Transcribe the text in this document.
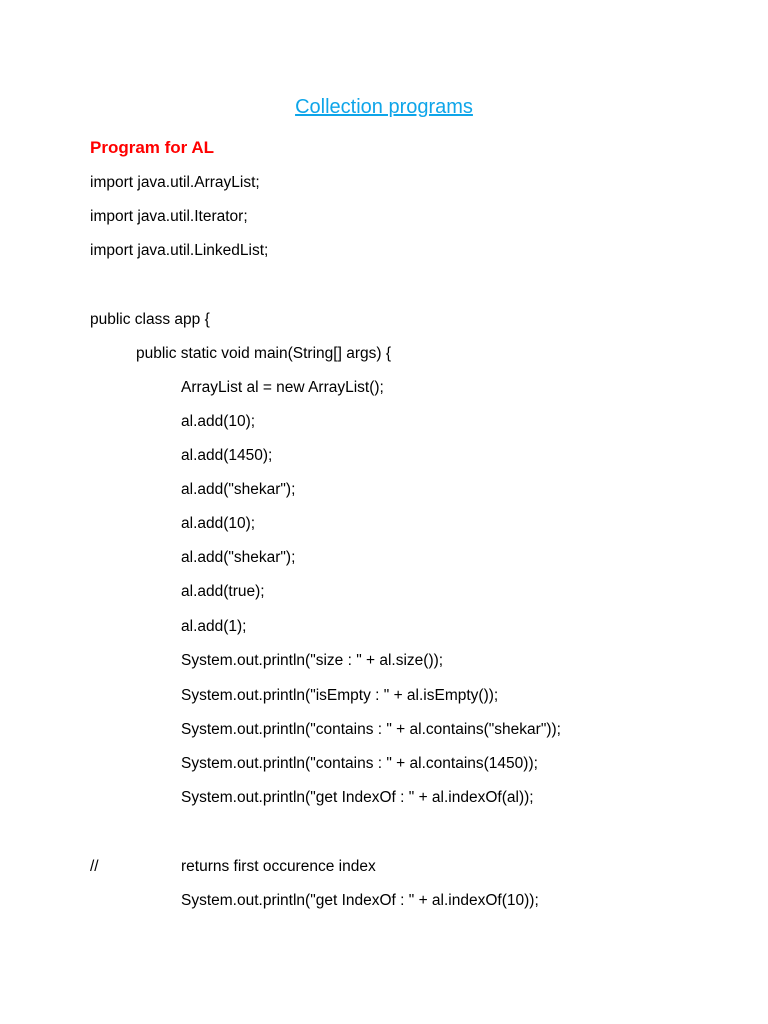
Collection programs
Program for AL
import java.util.ArrayList;
import java.util.Iterator;
import java.util.LinkedList;
public class app {
public static void main(String[] args) {
ArrayList al = new ArrayList();
al.add(10);
al.add(1450);
al.add("shekar");
al.add(10);
al.add("shekar");
al.add(true);
al.add(1);
System.out.println("size : " + al.size());
System.out.println("isEmpty : " + al.isEmpty());
System.out.println("contains : " + al.contains("shekar"));
System.out.println("contains : " + al.contains(1450));
System.out.println("get IndexOf : " + al.indexOf(al));
//	returns first occurence index
System.out.println("get IndexOf : " + al.indexOf(10));
